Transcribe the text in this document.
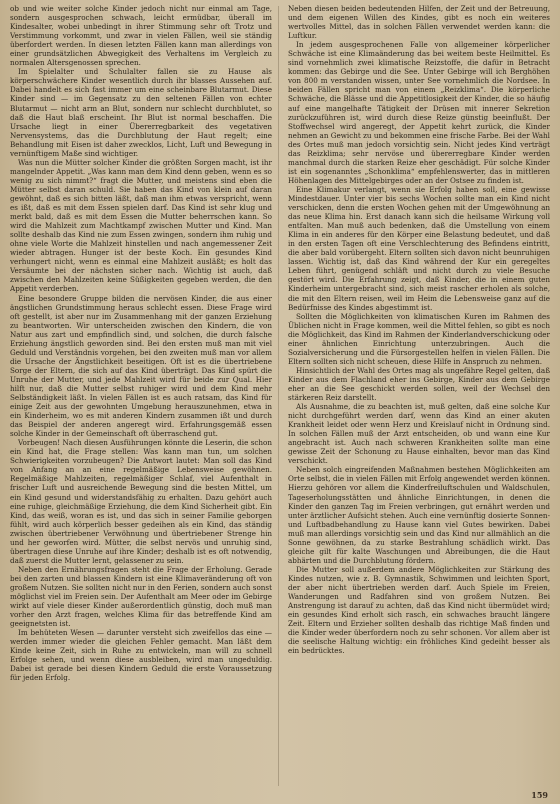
ob und wie weiter solche Kinder jedoch nicht nur einmal am Tage, sondern ausgesprochen schwach, leicht ermüdbar, überall im Kindesalter, wobei unbedingt in ihrer Stimmung sehr oft Trotz und Verstimmung vorkommt, und zwar in vielen Fällen, weil sie ständig überfordert werden. In diesen letzten Fällen kann man allerdings von einer grundsätzlichen Abwegigkeit des Verhaltens im Vergleich zu normalen Altersgenossen sprechen.

Im Spielalter und Schulalter fallen sie zu Hause als körperschwächere Kinder wesentlich durch ihr blasses Aussehen auf. Dabei handelt es sich fast immer um eine scheinbare Blutarmut. Diese Kinder sind — im Gegensatz zu den seltenen Fällen von echter Blutarmut — nicht arm an Blut, sondern nur schlecht durchblutet, so daß die Haut blaß erscheint. Ihr Blut ist normal beschaffen. Die Ursache liegt in einer Übererregbarkeit des vegetativen Nervensystems, das die Durchblutung der Haut regelt; eine Behandlung mit Eisen ist daher zwecklos, Licht, Luft und Bewegung in vernünftigem Maße sind wichtiger.

Was nun die Mütter solcher Kinder die größten Sorgen macht, ist ihr mangelnder Appetit. „Was kann man dem Kind denn geben, wenn es so wenig zu sich nimmt?“ fragt die Mutter, und meistens sind eben die Mütter selbst daran schuld. Sie haben das Kind von klein auf daran gewöhnt, daß es sich bitten läßt, daß man ihm etwas verspricht, wenn es ißt, daß es mit dem Essen spielen darf. Das Kind ist sehr klug und merkt bald, daß es mit dem Essen die Mutter beherrschen kann. So wird die Mahlzeit zum Machtkampf zwischen Mutter und Kind. Man sollte deshalb das Kind nie zum Essen zwingen, sondern ihm ruhig und ohne viele Worte die Mahlzeit hinstellen und nach angemessener Zeit wieder abtragen. Hunger ist der beste Koch. Ein gesundes Kind verhungert nicht, wenn es einmal eine Mahlzeit ausläßt; es holt das Versäumte bei der nächsten sicher nach. Wichtig ist auch, daß zwischen den Mahlzeiten keine Süßigkeiten gegeben werden, die den Appetit verderben.

Eine besondere Gruppe bilden die nervösen Kinder, die aus einer ängstlichen Grundstimmung heraus schlecht essen. Diese Frage wird oft gestellt, ist aber nur im Zusammenhang mit der ganzen Erziehung zu beantworten. Wir unterscheiden zwischen den Kindern, die von Natur aus zart und empfindlich sind, und solchen, die durch falsche Erziehung ängstlich geworden sind. Bei den ersten muß man mit viel Geduld und Verständnis vorgehen, bei den zweiten muß man vor allem die Ursache der Ängstlichkeit beseitigen. Oft ist es die übertriebene Sorge der Eltern, die sich auf das Kind überträgt. Das Kind spürt die Unruhe der Mutter, und jede Mahlzeit wird für beide zur Qual. Hier hilft nur, daß die Mutter selbst ruhiger wird und dem Kind mehr Selbständigkeit läßt. In vielen Fällen ist es auch ratsam, das Kind für einige Zeit aus der gewohnten Umgebung herauszunehmen, etwa in ein Kinderheim, wo es mit anderen Kindern zusammen ißt und durch das Beispiel der anderen angeregt wird. Erfahrungsgemäß essen solche Kinder in der Gemeinschaft oft überraschend gut.

Vorbeugen! Nach diesen Ausführungen könnte die Leserin, die schon ein Kind hat, die Frage stellen: Was kann man tun, um solchen Schwierigkeiten vorzubeugen? Die Antwort lautet: Man soll das Kind von Anfang an an eine regelmäßige Lebensweise gewöhnen. Regelmäßige Mahlzeiten, regelmäßiger Schlaf, viel Aufenthalt in frischer Luft und ausreichende Bewegung sind die besten Mittel, um ein Kind gesund und widerstandsfähig zu erhalten. Dazu gehört auch eine ruhige, gleichmäßige Erziehung, die dem Kind Sicherheit gibt. Ein Kind, das weiß, woran es ist, und das sich in seiner Familie geborgen fühlt, wird auch körperlich besser gedeihen als ein Kind, das ständig zwischen übertriebener Verwöhnung und übertriebener Strenge hin und her geworfen wird. Mütter, die selbst nervös und unruhig sind, übertragen diese Unruhe auf ihre Kinder; deshalb ist es oft notwendig, daß zuerst die Mutter lernt, gelassener zu sein.

Neben den Ernährungsfragen steht die Frage der Erholung. Gerade bei den zarten und blassen Kindern ist eine Klimaveränderung oft von großem Nutzen. Sie sollten nicht nur in den Ferien, sondern auch sonst möglichst viel im Freien sein. Der Aufenthalt am Meer oder im Gebirge wirkt auf viele dieser Kinder außerordentlich günstig, doch muß man vorher den Arzt fragen, welches Klima für das betreffende Kind am geeignetsten ist.

Im behüteten Wesen — darunter versteht sich zweifellos das eine — werden immer wieder die gleichen Fehler gemacht. Man läßt dem Kinde keine Zeit, sich in Ruhe zu entwickeln, man will zu schnell Erfolge sehen, und wenn diese ausbleiben, wird man ungeduldig. Dabei ist gerade bei diesen Kindern Geduld die erste Voraussetzung für jeden Erfolg.

Neben diesen beiden bedeutenden Hilfen, der Zeit und der Betreuung, und dem eigenen Willen des Kindes, gibt es noch ein weiteres wertvolles Mittel, das in solchen Fällen verwendet werden kann: die Luftkur.

In jedem ausgesprochenen Falle von allgemeiner körperlicher Schwäche ist eine Klimaänderung das bei weitem beste Heilmittel. Es sind vornehmlich zwei klimatische Reizstoffe, die dafür in Betracht kommen: das Gebirge und die See. Unter Gebirge will ich Berghöhen von 800 m verstanden wissen, unter See vornehmlich die Nordsee. In beiden Fällen spricht man von einem „Reizklima“. Die körperliche Schwäche, die Blässe und die Appetitlosigkeit der Kinder, die so häufig auf eine mangelhafte Tätigkeit der Drüsen mit innerer Sekretion zurückzuführen ist, wird durch diese Reize günstig beeinflußt. Der Stoffwechsel wird angeregt, der Appetit kehrt zurück, die Kinder nehmen an Gewicht zu und bekommen eine frische Farbe. Bei der Wahl des Ortes muß man jedoch vorsichtig sein. Nicht jedes Kind verträgt das Reizklima; sehr nervöse und übererregbare Kinder werden manchmal durch die starken Reize eher geschädigt. Für solche Kinder ist ein sogenanntes „Schonklima“ empfehlenswerter, das in mittleren Höhenlagen des Mittelgebirges oder an der Ostsee zu finden ist.

Eine Klimakur verlangt, wenn sie Erfolg haben soll, eine gewisse Mindestdauer. Unter vier bis sechs Wochen sollte man ein Kind nicht verschicken, denn die ersten Wochen gehen mit der Umgewöhnung an das neue Klima hin. Erst danach kann sich die heilsame Wirkung voll entfalten. Man muß auch bedenken, daß die Umstellung von einem Klima in ein anderes für den Körper eine Belastung bedeutet, und daß in den ersten Tagen oft eine Verschlechterung des Befindens eintritt, die aber bald vorübergeht. Eltern sollten sich davon nicht beunruhigen lassen. Wichtig ist, daß das Kind während der Kur ein geregeltes Leben führt, genügend schläft und nicht durch zu viele Besuche gestört wird. Die Erfahrung zeigt, daß Kinder, die in einem guten Kinderheim untergebracht sind, sich meist rascher erholen als solche, die mit den Eltern reisen, weil im Heim die Lebensweise ganz auf die Bedürfnisse des Kindes abgestimmt ist.

Sollten die Möglichkeiten von klimatischen Kuren im Rahmen des Üblichen nicht in Frage kommen, weil die Mittel fehlen, so gibt es noch die Möglichkeit, das Kind im Rahmen der Kinderlandverschickung oder einer ähnlichen Einrichtung unterzubringen. Auch die Sozialversicherung und die Fürsorgestellen helfen in vielen Fällen. Die Eltern sollten sich nicht scheuen, diese Hilfe in Anspruch zu nehmen.

Hinsichtlich der Wahl des Ortes mag als ungefähre Regel gelten, daß Kinder aus dem Flachland eher ins Gebirge, Kinder aus dem Gebirge eher an die See geschickt werden sollen, weil der Wechsel den stärkeren Reiz darstellt.

Als Ausnahme, die zu beachten ist, muß gelten, daß eine solche Kur nicht durchgeführt werden darf, wenn das Kind an einer akuten Krankheit leidet oder wenn Herz und Kreislauf nicht in Ordnung sind. In solchen Fällen muß der Arzt entscheiden, ob und wann eine Kur angebracht ist. Auch nach schweren Krankheiten sollte man eine gewisse Zeit der Schonung zu Hause einhalten, bevor man das Kind verschickt.

Neben solch eingreifenden Maßnahmen bestehen Möglichkeiten am Orte selbst, die in vielen Fällen mit Erfolg angewendet werden können. Hierzu gehören vor allem die Kinderfreiluftschulen und Waldschulen, Tageserholungsstätten und ähnliche Einrichtungen, in denen die Kinder den ganzen Tag im Freien verbringen, gut ernährt werden und unter ärztlicher Aufsicht stehen. Auch eine vernünftig dosierte Sonnen- und Luftbadbehandlung zu Hause kann viel Gutes bewirken. Dabei muß man allerdings vorsichtig sein und das Kind nur allmählich an die Sonne gewöhnen, da zu starke Bestrahlung schädlich wirkt. Das gleiche gilt für kalte Waschungen und Abreibungen, die die Haut abhärten und die Durchblutung fördern.

Die Mutter soll außerdem andere Möglichkeiten zur Stärkung des Kindes nutzen, wie z. B. Gymnastik, Schwimmen und leichten Sport, der aber nicht übertrieben werden darf. Auch Spiele im Freien, Wanderungen und Radfahren sind von großem Nutzen. Bei Anstrengung ist darauf zu achten, daß das Kind nicht übermüdet wird; ein gesundes Kind erholt sich rasch, ein schwaches braucht längere Zeit. Eltern und Erzieher sollten deshalb das richtige Maß finden und die Kinder weder überfordern noch zu sehr schonen. Vor allem aber ist die seelische Haltung wichtig: ein fröhliches Kind gedeiht besser als ein bedrücktes.

159
